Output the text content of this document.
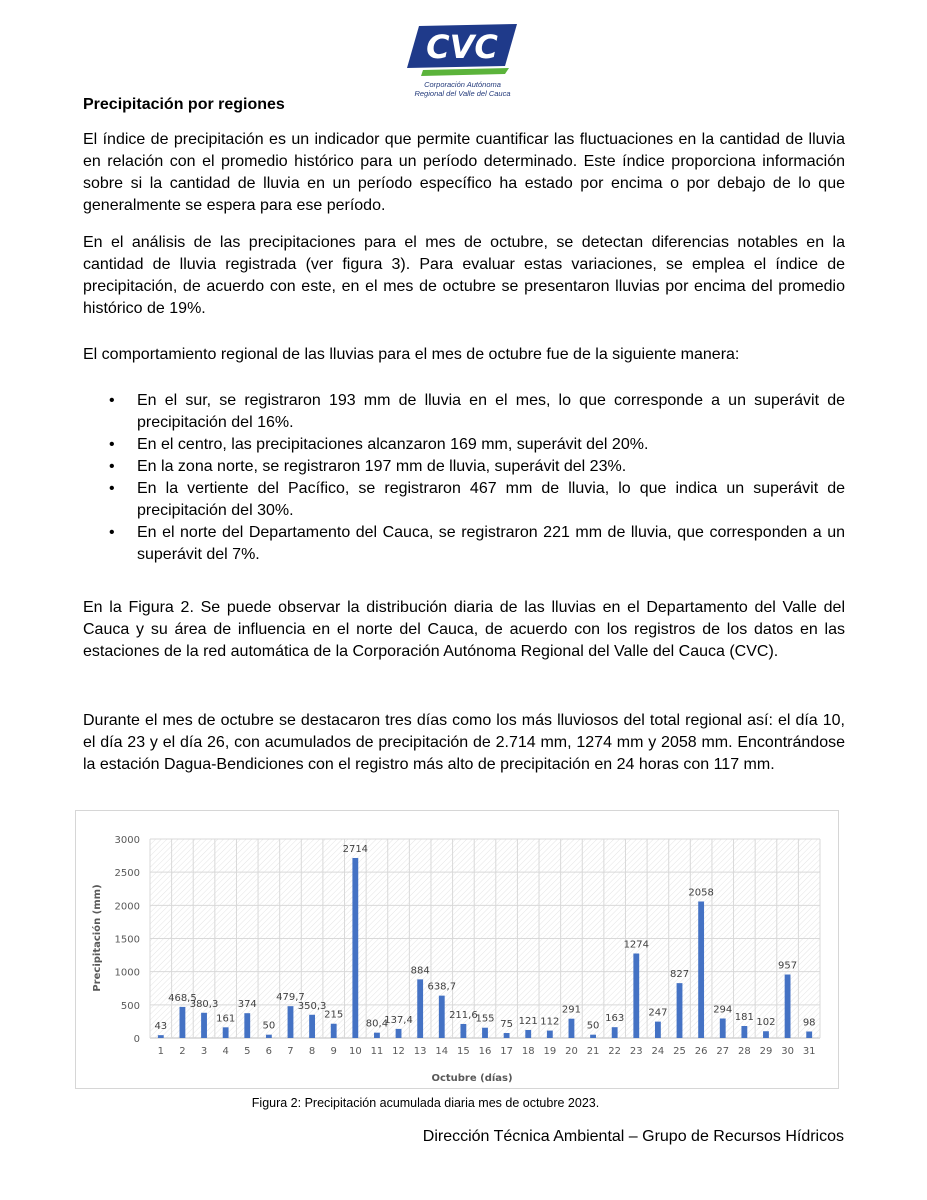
CVC
Corporación Autónoma
Regional del Valle del Cauca
Precipitación por regiones

El índice de precipitación es un indicador que permite cuantificar las fluctuaciones en la cantidad de lluvia en relación con el promedio histórico para un período determinado. Este índice proporciona información sobre si la cantidad de lluvia en un período específico ha estado por encima o por debajo de lo que generalmente se espera para ese período.

En el análisis de las precipitaciones para el mes de octubre, se detectan diferencias notables en la cantidad de lluvia registrada (ver figura 3). Para evaluar estas variaciones, se emplea el índice de precipitación, de acuerdo con este, en el mes de octubre se presentaron lluvias por encima del promedio histórico de 19%.

El comportamiento regional de las lluvias para el mes de octubre fue de la siguiente manera:

• En el sur, se registraron 193 mm de lluvia en el mes, lo que corresponde a un superávit de precipitación del 16%.
• En el centro, las precipitaciones alcanzaron 169 mm, superávit del 20%.
• En la zona norte, se registraron 197 mm de lluvia, superávit del 23%.
• En la vertiente del Pacífico, se registraron 467 mm de lluvia, lo que indica un superávit de precipitación del 30%.
• En el norte del Departamento del Cauca, se registraron 221 mm de lluvia, que corresponden a un superávit del 7%.

En la Figura 2. Se puede observar la distribución diaria de las lluvias en el Departamento del Valle del Cauca y su área de influencia en el norte del Cauca, de acuerdo con los registros de los datos en las estaciones de la red automática de la Corporación Autónoma Regional del Valle del Cauca (CVC).

Durante el mes de octubre se destacaron tres días como los más lluviosos del total regional así: el día 10, el día 23 y el día 26, con acumulados de precipitación de 2.714 mm, 1274 mm y 2058 mm. Encontrándose la estación Dagua-Bendiciones con el registro más alto de precipitación en 24 horas con 117 mm.

43
468,5
380,3
161
374
50
479,7
350,3
215
2714
80,4
137,4
884
638,7
211,6
155 75 121 112
291
50
163
1274
247
827
2058
294
181 102
957
98
0
500
1000
1500
2000
2500
3000
1 2 3 4 5 6 7 8 9 10 11 12 13 14 15 16 17 18 19 20 21 22 23 24 25 26 27 28 29 30 31
Precipitación (mm)
Octubre (días)
Figura 2: Precipitación acumulada diaria mes de octubre 2023.
Dirección Técnica Ambiental – Grupo de Recursos Hídricos
